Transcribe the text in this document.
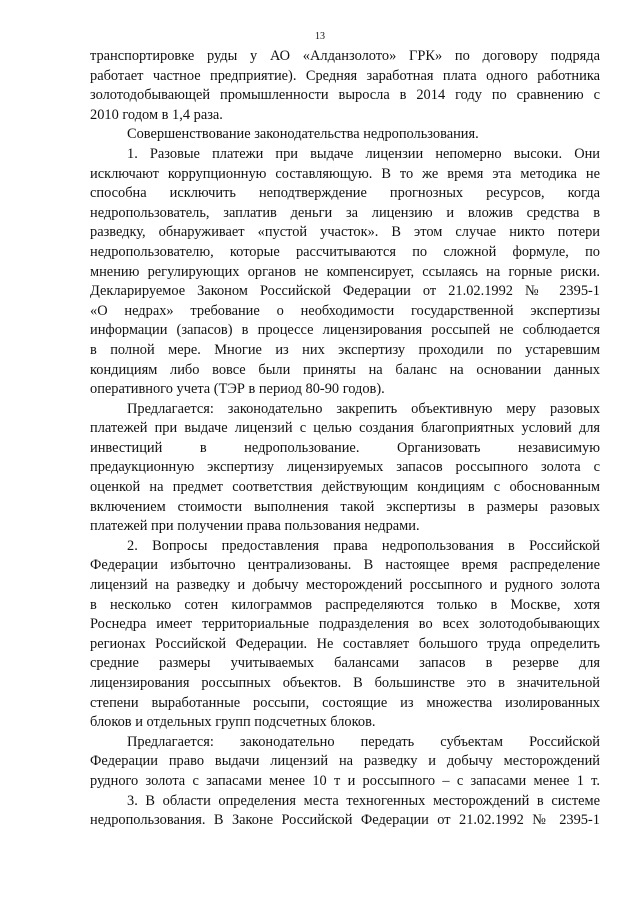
13
транспортировке руды у АО «Алданзолото» ГРК» по договору подряда
работает частное предприятие). Средняя заработная плата одного работника
золотодобывающей промышленности выросла в 2014 году по сравнению с
2010 годом в 1,4 раза.
Совершенствование законодательства недропользования.
1. Разовые платежи при выдаче лицензии непомерно высоки. Они
исключают коррупционную составляющую. В то же время эта методика не
способна исключить неподтверждение прогнозных ресурсов, когда
недропользователь, заплатив деньги за лицензию и вложив средства в
разведку, обнаруживает «пустой участок». В этом случае никто потери
недропользователю, которые рассчитываются по сложной формуле, по
мнению регулирующих органов не компенсирует, ссылаясь на горные риски.
Декларируемое Законом Российской Федерации от 21.02.1992 № 2395-1
«О недрах» требование о необходимости государственной экспертизы
информации (запасов) в процессе лицензирования россыпей не соблюдается
в полной мере. Многие из них экспертизу проходили по устаревшим
кондициям либо вовсе были приняты на баланс на основании данных
оперативного учета (ТЭР в период 80-90 годов).
Предлагается: законодательно закрепить объективную меру разовых
платежей при выдаче лицензий с целью создания благоприятных условий для
инвестиций в недропользование. Организовать независимую
предаукционную экспертизу лицензируемых запасов россыпного золота с
оценкой на предмет соответствия действующим кондициям с обоснованным
включением стоимости выполнения такой экспертизы в размеры разовых
платежей при получении права пользования недрами.
2. Вопросы предоставления права недропользования в Российской
Федерации избыточно централизованы. В настоящее время распределение
лицензий на разведку и добычу месторождений россыпного и рудного золота
в несколько сотен килограммов распределяются только в Москве, хотя
Роснедра имеет территориальные подразделения во всех золотодобывающих
регионах Российской Федерации. Не составляет большого труда определить
средние размеры учитываемых балансами запасов в резерве для
лицензирования россыпных объектов. В большинстве это в значительной
степени выработанные россыпи, состоящие из множества изолированных
блоков и отдельных групп подсчетных блоков.
Предлагается: законодательно передать субъектам Российской
Федерации право выдачи лицензий на разведку и добычу месторождений
рудного золота с запасами менее 10 т и россыпного – с запасами менее 1 т.
3. В области определения места техногенных месторождений в системе
недропользования. В Законе Российской Федерации от 21.02.1992 № 2395-1
